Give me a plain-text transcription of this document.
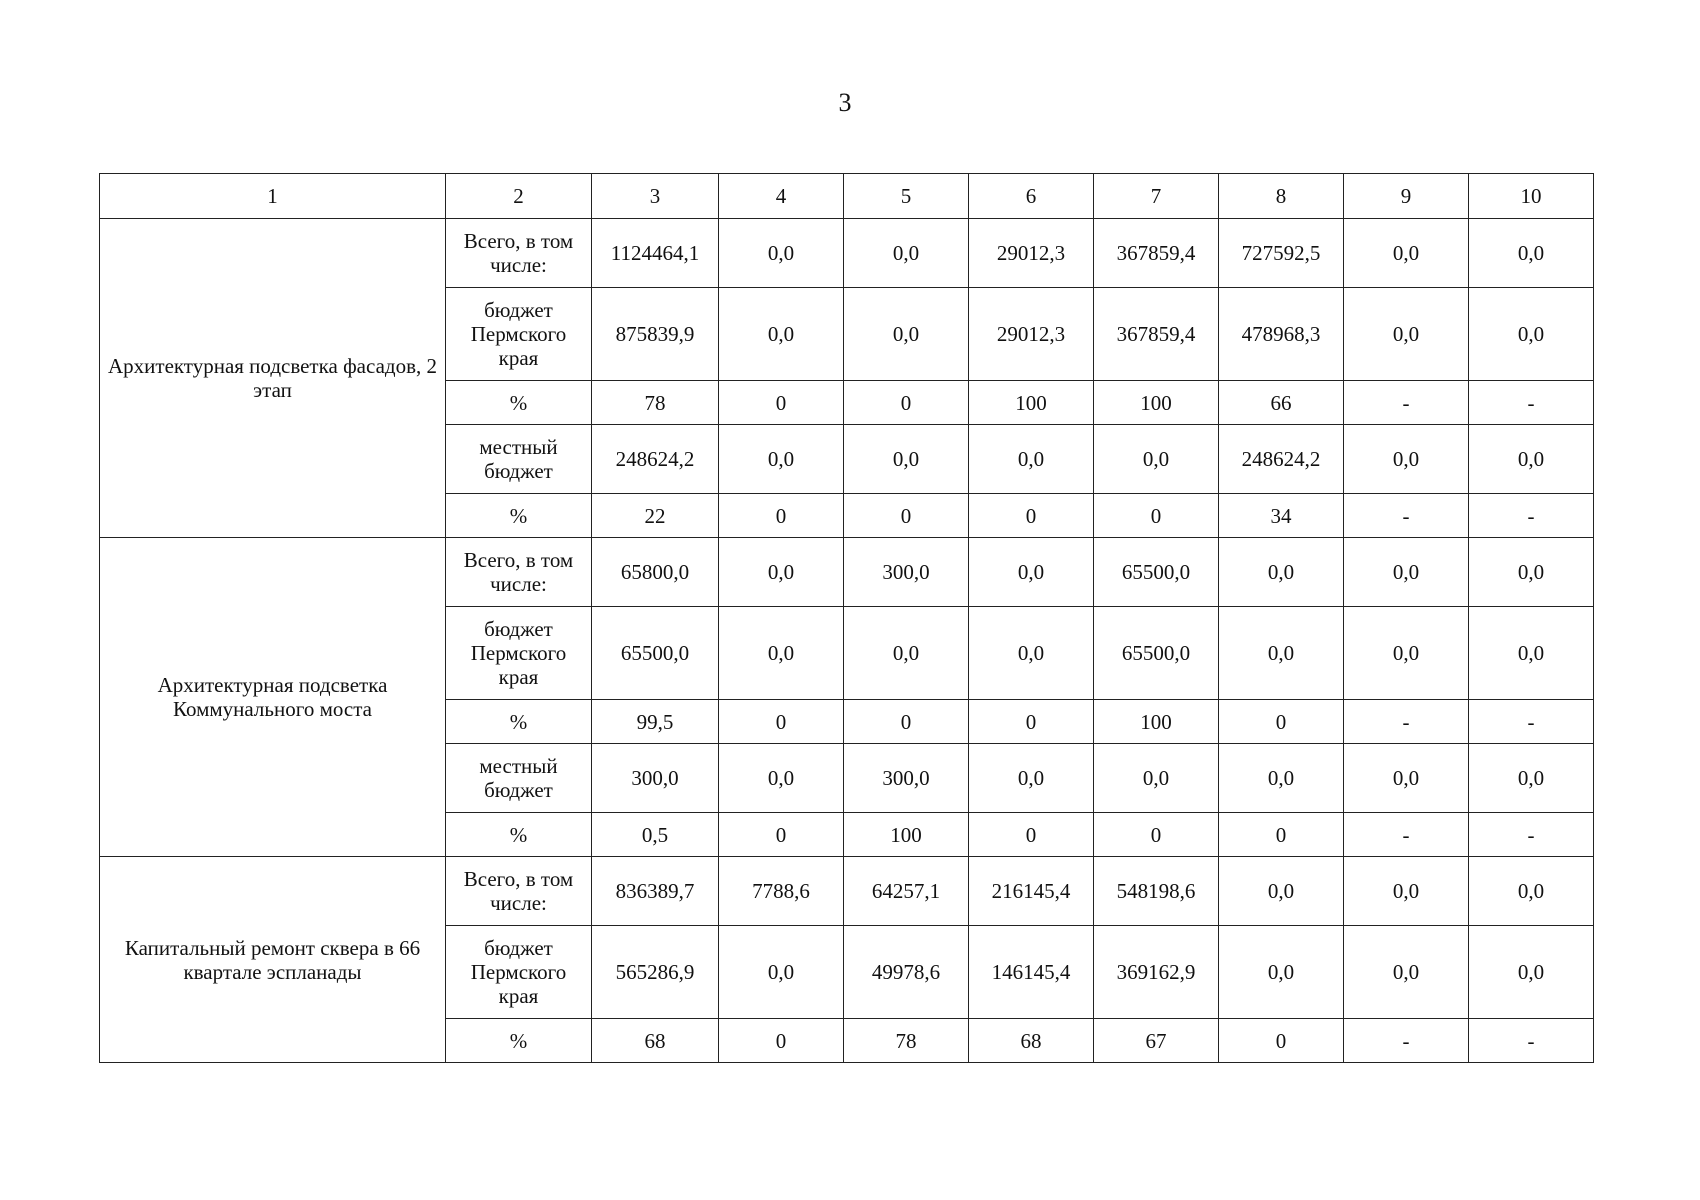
3
1	2	3	4	5	6	7	8	9	10
Архитектурная подсветка фасадов, 2 этап	Всего, в том числе:	1124464,1	0,0	0,0	29012,3	367859,4	727592,5	0,0	0,0
	бюджет Пермского края	875839,9	0,0	0,0	29012,3	367859,4	478968,3	0,0	0,0
	%	78	0	0	100	100	66	-	-
	местный бюджет	248624,2	0,0	0,0	0,0	0,0	248624,2	0,0	0,0
	%	22	0	0	0	0	34	-	-
Архитектурная подсветка Коммунального моста	Всего, в том числе:	65800,0	0,0	300,0	0,0	65500,0	0,0	0,0	0,0
	бюджет Пермского края	65500,0	0,0	0,0	0,0	65500,0	0,0	0,0	0,0
	%	99,5	0	0	0	100	0	-	-
	местный бюджет	300,0	0,0	300,0	0,0	0,0	0,0	0,0	0,0
	%	0,5	0	100	0	0	0	-	-
Капитальный ремонт сквера в 66 квартале эспланады	Всего, в том числе:	836389,7	7788,6	64257,1	216145,4	548198,6	0,0	0,0	0,0
	бюджет Пермского края	565286,9	0,0	49978,6	146145,4	369162,9	0,0	0,0	0,0
	%	68	0	78	68	67	0	-	-
